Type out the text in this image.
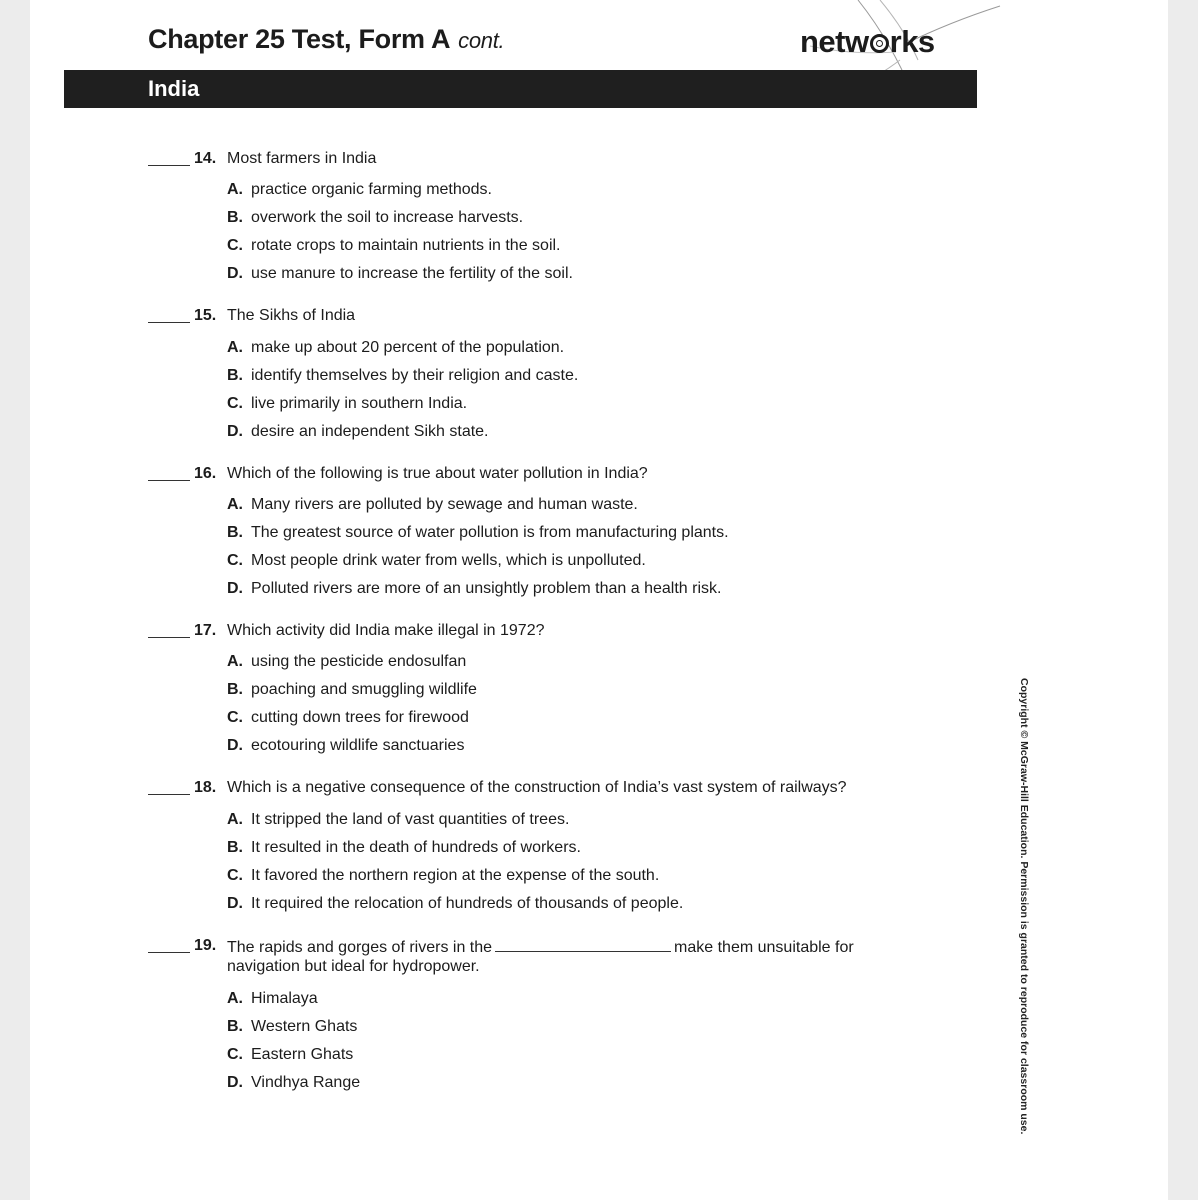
Chapter 25 Test, Form A cont.	netw rks
India
14. Most farmers in India
A. practice organic farming methods.
B. overwork the soil to increase harvests.
C. rotate crops to maintain nutrients in the soil.
D. use manure to increase the fertility of the soil.
15. The Sikhs of India
A. make up about 20 percent of the population.
B. identify themselves by their religion and caste.
C. live primarily in southern India.
D. desire an independent Sikh state.
16. Which of the following is true about water pollution in India?
A. Many rivers are polluted by sewage and human waste.
B. The greatest source of water pollution is from manufacturing plants.
C. Most people drink water from wells, which is unpolluted.
D. Polluted rivers are more of an unsightly problem than a health risk.
17. Which activity did India make illegal in 1972?
A. using the pesticide endosulfan
B. poaching and smuggling wildlife
C. cutting down trees for firewood
D. ecotouring wildlife sanctuaries
18. Which is a negative consequence of the construction of India’s vast system of railways?
A. It stripped the land of vast quantities of trees.
B. It resulted in the death of hundreds of workers.
C. It favored the northern region at the expense of the south.
D. It required the relocation of hundreds of thousands of people.
19. The rapids and gorges of rivers in the	make them unsuitable for
navigation but ideal for hydropower.
A. Himalaya
B. Western Ghats
C. Eastern Ghats
D. Vindhya Range	Copyright © McGraw-Hill Education. Permission is granted to reproduce for classroom use.
